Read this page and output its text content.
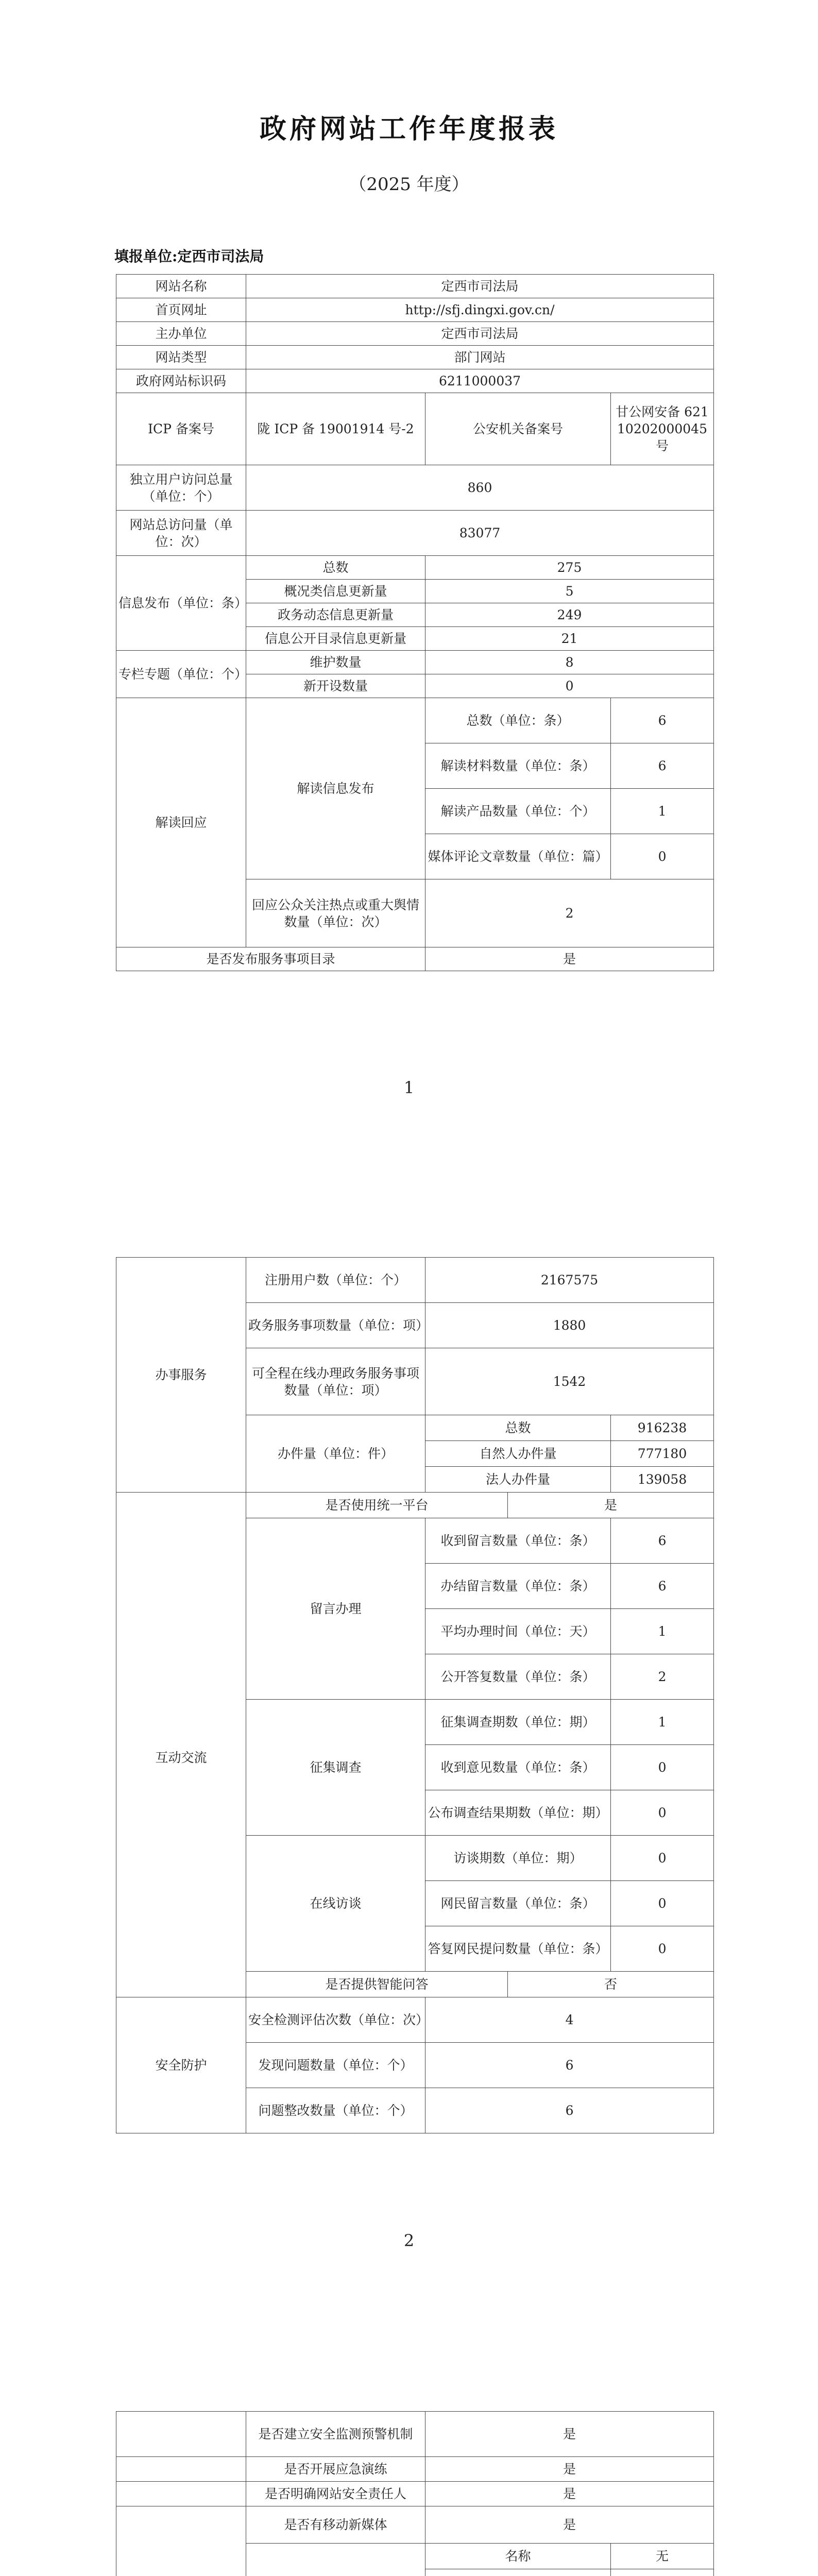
政府网站工作年度报表
（2025 年度）
填报单位:定西市司法局
网站名称	定西市司法局		
首页网址	http://sfj.dingxi.gov.cn/		
主办单位	定西市司法局		
网站类型	部门网站		
政府网站标识码	6211000037		
ICP 备案号	陇 ICP 备 19001914 号-2	公安机关备案号	甘公网安备 62110202000045 号
独立用户访问总量（单位：个）	860		
网站总访问量（单位：次）	83077		
信息发布（单位：条）	总数	275	
	概况类信息更新量	5	
	政务动态信息更新量	249	
	信息公开目录信息更新量	21	
专栏专题（单位：个）	维护数量	8	
	新开设数量	0	
解读回应	解读信息发布	总数（单位：条）	6
		解读材料数量（单位：条）	6
		解读产品数量（单位：个）	1
		媒体评论文章数量（单位：篇）	0
	回应公众关注热点或重大舆情数量（单位：次）	2	
是否发布服务事项目录		是	
1
办事服务	注册用户数（单位：个）	2167575		
	政务服务事项数量（单位：项）	1880		
	可全程在线办理政务服务事项数量（单位：项）	1542		
	办件量（单位：件）	总数		916238
		自然人办件量		777180
		法人办件量		139058
	是否使用统一平台		是	
互动交流	留言办理	收到留言数量（单位：条）		6
		办结留言数量（单位：条）		6
		平均办理时间（单位：天）		1
		公开答复数量（单位：条）		2
	征集调查	征集调查期数（单位：期）		1
		收到意见数量（单位：条）		0
		公布调查结果期数（单位：期）		0
	在线访谈	访谈期数（单位：期）		0
		网民留言数量（单位：条）		0
		答复网民提问数量（单位：条）		0
	是否提供智能问答		否	
安全防护	安全检测评估次数（单位：次）	4		
	发现问题数量（单位：个）	6		
	问题整改数量（单位：个）	6		
2
	是否建立安全监测预警机制		是	
	是否开展应急演练		是	
	是否明确网站安全责任人		是	
	是否有移动新媒体		是	
	名称	无
